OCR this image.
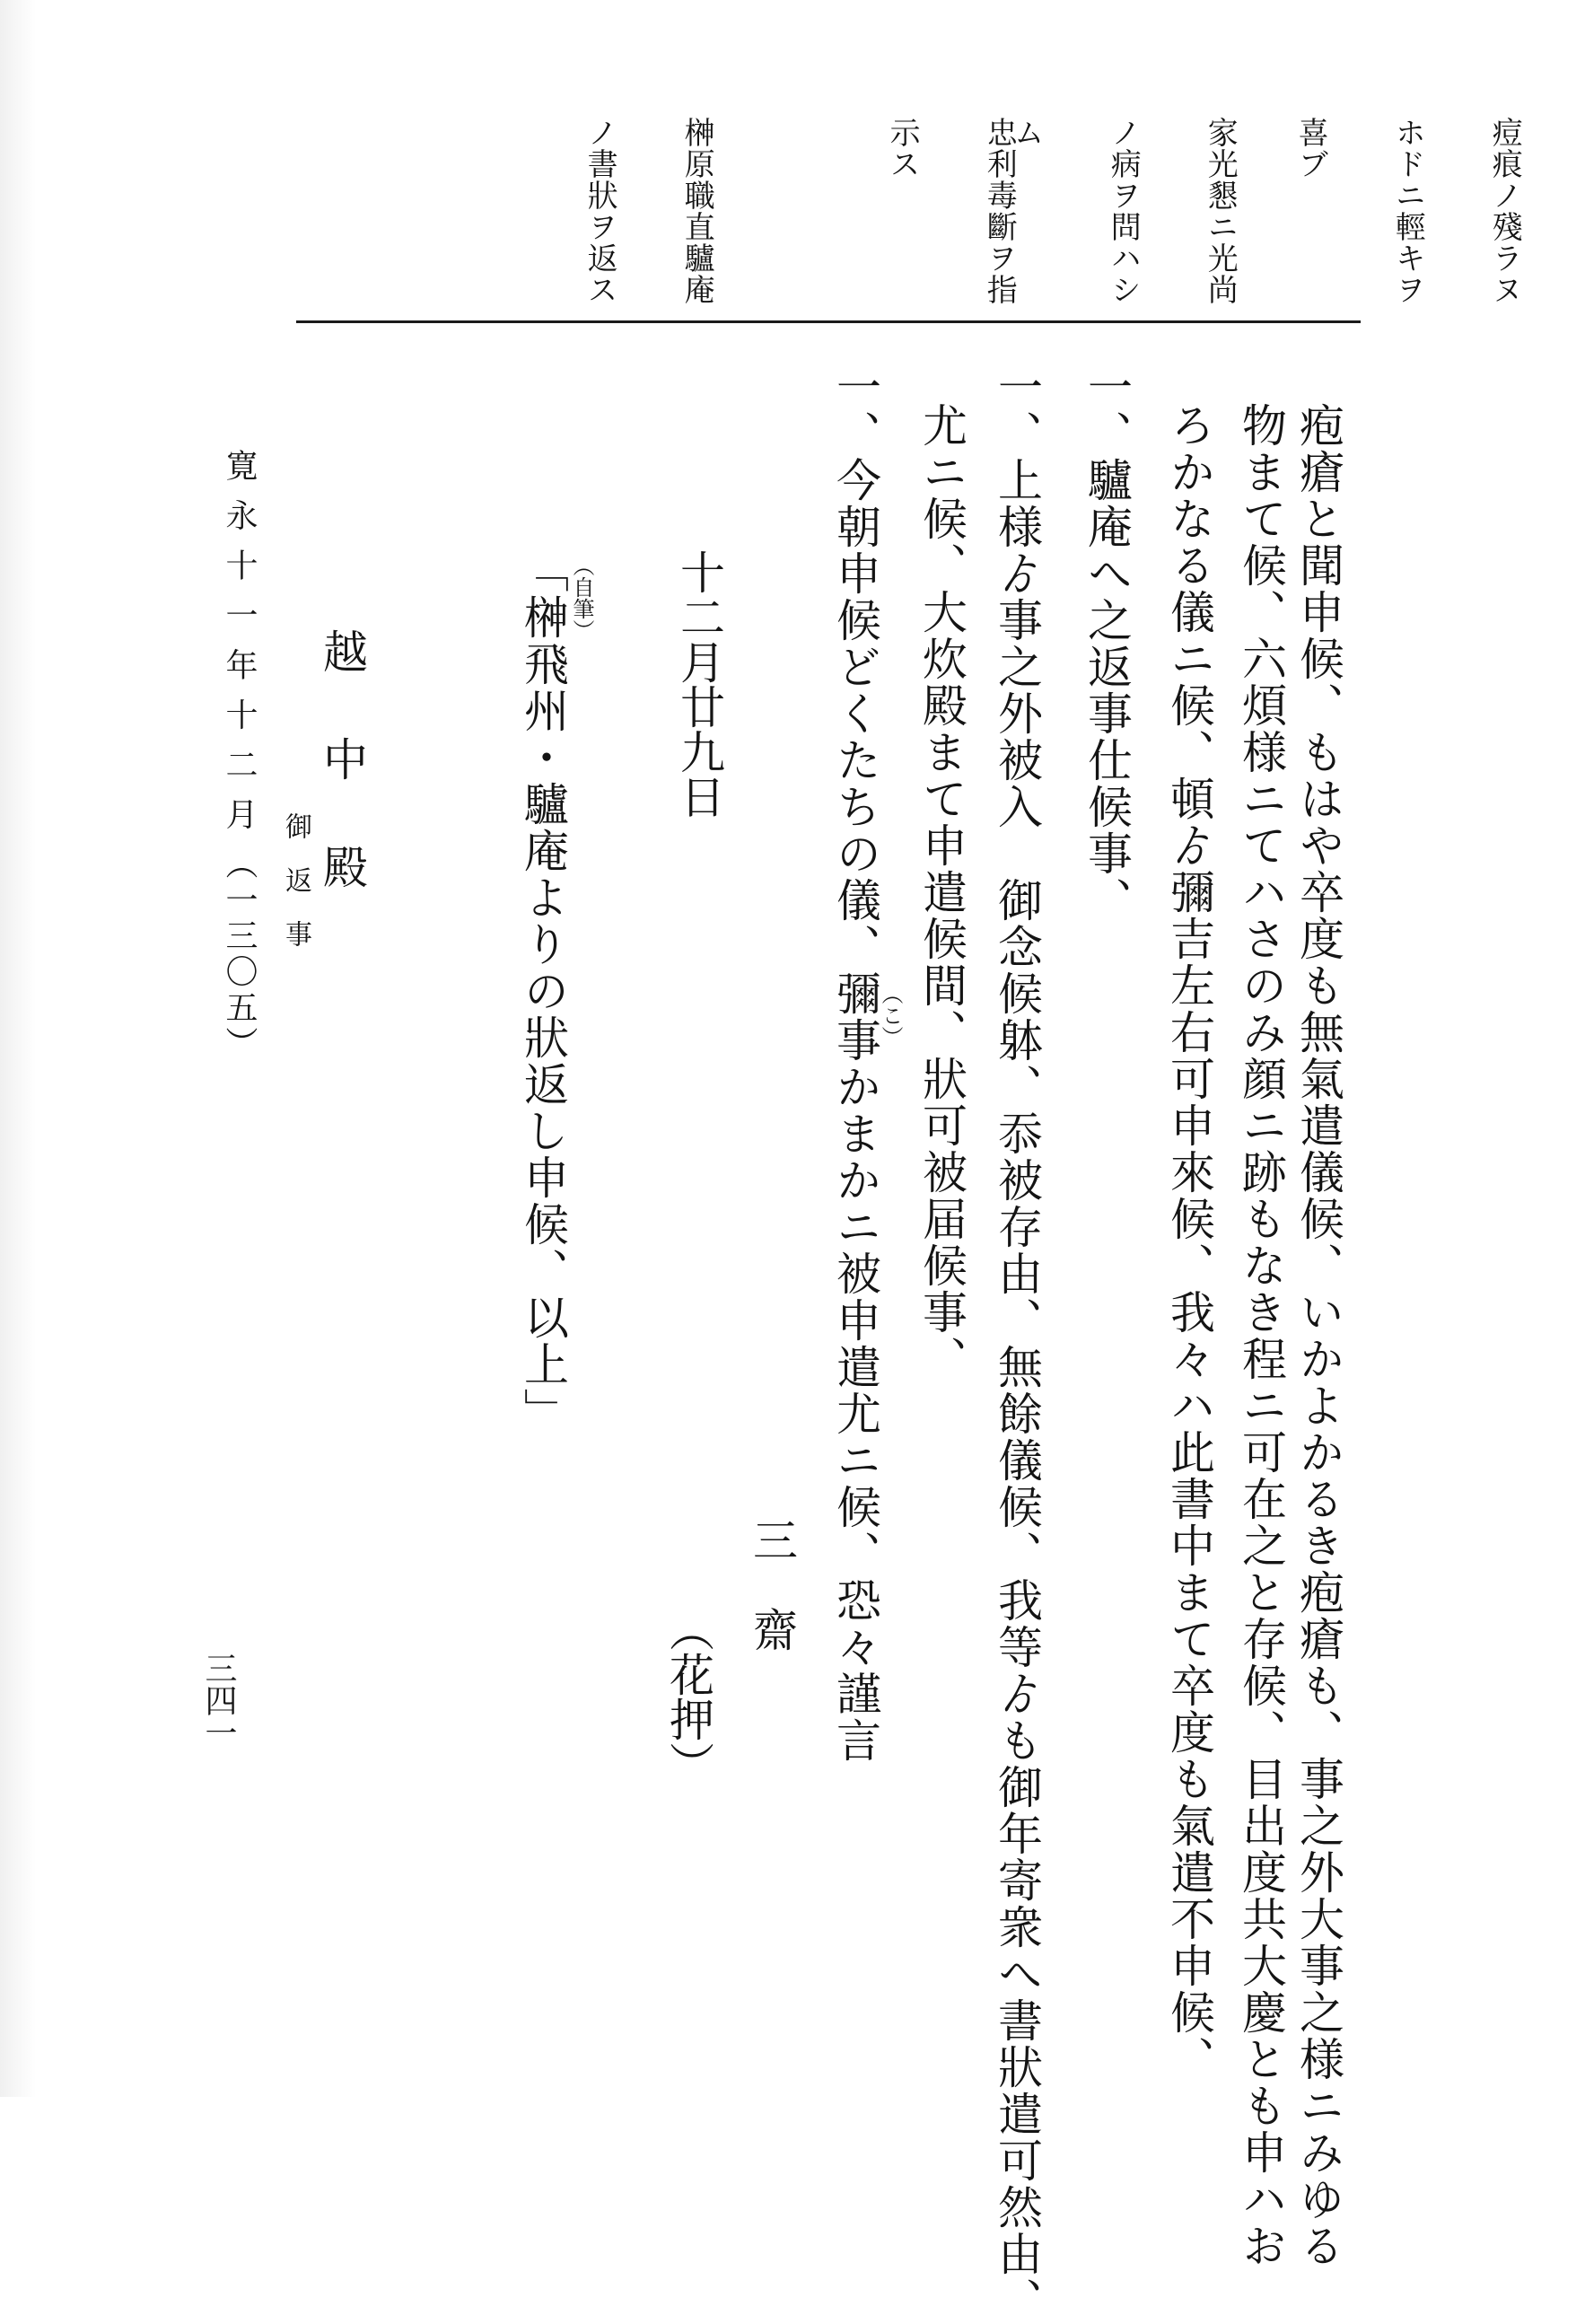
痘痕ノ殘ラヌ

ホドニ輕キヲ

喜ブ

家光懇ニ光尚

ノ病ヲ問ハシ

ム

忠利毒斷ヲ指

示ス

榊原職直驢庵

ノ書狀ヲ返ス

疱瘡と聞申候、もはや卒度も無氣遣儀候、いかよかるき疱瘡も、事之外大事之様ニみゆる
物まて候、六煩様ニてハさのみ顔ニ跡もなき程ニ可在之と存候、目出度共大慶とも申ハお
ろかなる儀ニ候、頓ゟ彌吉左右可申來候、我々ハ此書中まて卒度も氣遣不申候、
一、驢庵へ之返事仕候事、
一、上様ゟ事之外被入　御念候躰、忝被存由、無餘儀候、我等ゟも御年寄衆へ書狀遣可然由、
尤ニ候、大炊殿まて申遣候間、狀可被届候事、
一、今朝申候どくたちの儀、彌事かまかニ被申遣尤ニ候、恐々謹言
（こ）
三　齋
（花押）
十二月廿九日
（自筆）
「榊飛州・驢庵よりの狀返し申候、以上」
越　中　殿
御　返　事
寛 永 十 一 年 十 二 月 （一三〇五）
三四一
